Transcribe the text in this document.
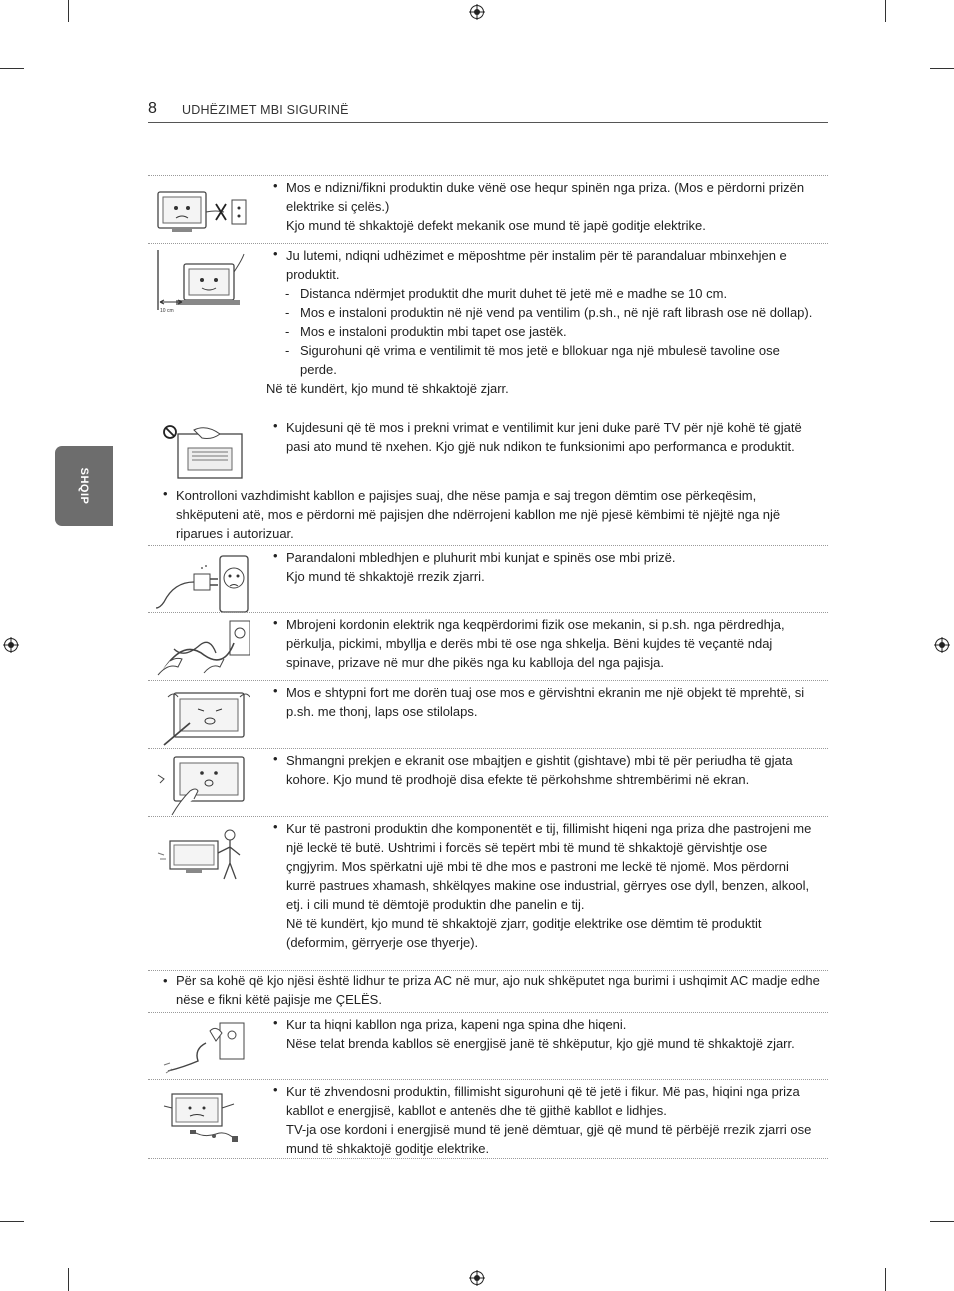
8 UDHËZIMET MBI SIGURINË
SHQIP
• Mos e ndizni/fikni produktin duke vënë ose hequr spinën nga priza. (Mos e përdorni prizën elektrike si çelës.)
Kjo mund të shkaktojë defekt mekanik ose mund të japë goditje elektrike.
10 cm
• Ju lutemi, ndiqni udhëzimet e mëposhtme për instalim për të parandaluar mbinxehjen e produktit.
- Distanca ndërmjet produktit dhe murit duhet të jetë më e madhe se 10 cm.
- Mos e instaloni produktin në një vend pa ventilim (p.sh., në një raft librash ose në dollap).
- Mos e instaloni produktin mbi tapet ose jastëk.
- Sigurohuni që vrima e ventilimit të mos jetë e bllokuar nga një mbulesë tavoline ose perde.
Në të kundërt, kjo mund të shkaktojë zjarr.
• Kujdesuni që të mos i prekni vrimat e ventilimit kur jeni duke parë TV për një kohë të gjatë pasi ato mund të nxehen. Kjo gjë nuk ndikon te funksionimi apo performanca e produktit.
• Kontrolloni vazhdimisht kabllon e pajisjes suaj, dhe nëse pamja e saj tregon dëmtim ose përkeqësim, shkëputeni atë, mos e përdorni më pajisjen dhe ndërrojeni kabllon me një pjesë këmbimi të njëjtë nga një riparues i autorizuar.
• Parandaloni mbledhjen e pluhurit mbi kunjat e spinës ose mbi prizë.
Kjo mund të shkaktojë rrezik zjarri.
• Mbrojeni kordonin elektrik nga keqpërdorimi fizik ose mekanin, si p.sh. nga përdredhja, përkulja, pickimi, mbyllja e derës mbi të ose nga shkelja. Bëni kujdes të veçantë ndaj spinave, prizave në mur dhe pikës nga ku kablloja del nga pajisja.
• Mos e shtypni fort me dorën tuaj ose mos e gërvishtni ekranin me një objekt të mprehtë, si p.sh. me thonj, laps ose stilolaps.
• Shmangni prekjen e ekranit ose mbajtjen e gishtit (gishtave) mbi të për periudha të gjata kohore. Kjo mund të prodhojë disa efekte të përkohshme shtrembërimi në ekran.
• Kur të pastroni produktin dhe komponentët e tij, fillimisht hiqeni nga priza dhe pastrojeni me një leckë të butë. Ushtrimi i forcës së tepërt mbi të mund të shkaktojë gërvishtje ose çngjyrim. Mos spërkatni ujë mbi të dhe mos e pastroni me leckë të njomë. Mos përdorni kurrë pastrues xhamash, shkëlqyes makine ose industrial, gërryes ose dyll, benzen, alkool, etj. i cili mund të dëmtojë produktin dhe panelin e tij.
Në të kundërt, kjo mund të shkaktojë zjarr, goditje elektrike ose dëmtim të produktit (deformim, gërryerje ose thyerje).
• Për sa kohë që kjo njësi është lidhur te priza AC në mur, ajo nuk shkëputet nga burimi i ushqimit AC madje edhe nëse e fikni këtë pajisje me ÇELËS.
• Kur ta hiqni kabllon nga priza, kapeni nga spina dhe hiqeni.
Nëse telat brenda kabllos së energjisë janë të shkëputur, kjo gjë mund të shkaktojë zjarr.
• Kur të zhvendosni produktin, fillimisht sigurohuni që të jetë i fikur. Më pas, hiqini nga priza kabllot e energjisë, kabllot e antenës dhe të gjithë kabllot e lidhjes.
TV-ja ose kordoni i energjisë mund të jenë dëmtuar, gjë që mund të përbëjë rrezik zjarri ose mund të shkaktojë goditje elektrike.
